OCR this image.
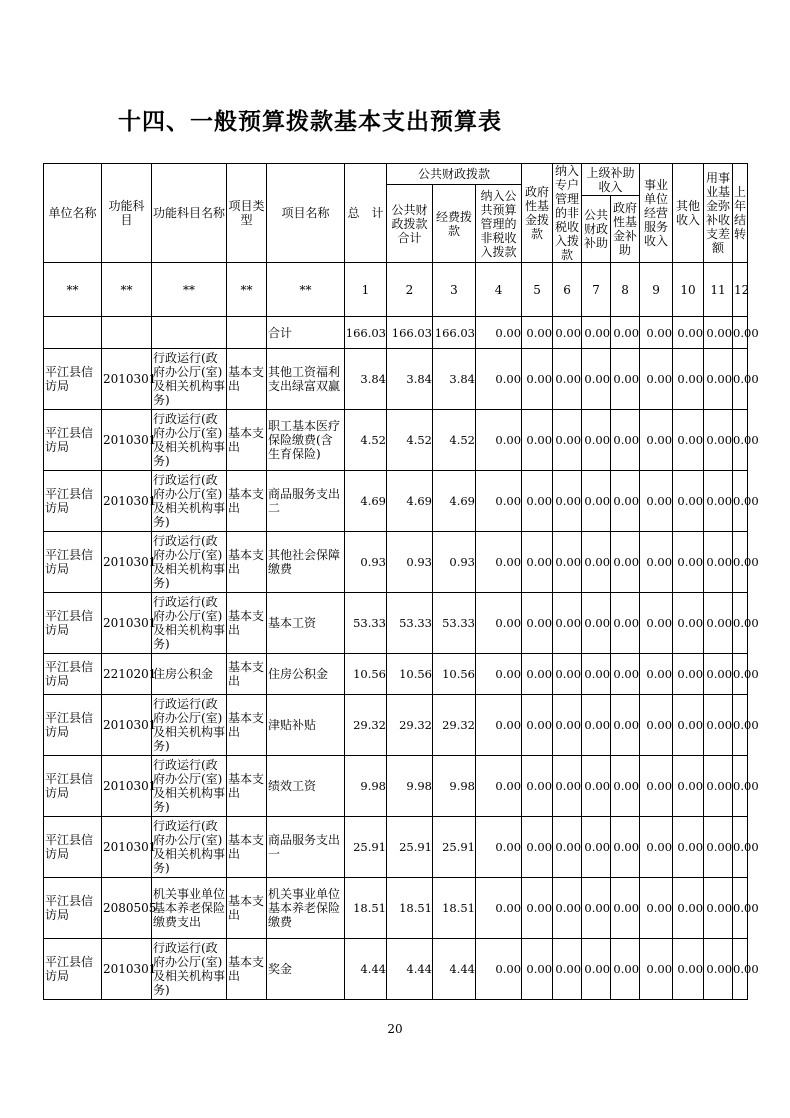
十四、一般预算拨款基本支出预算表
单位名称	功能科目	功能科目名称	项目类型	项目名称	总　计	公共财政拨款			政府性基金拨款	纳入专户管理的非税收入拨款	上级补助收入		事业单位经营服务收入	其他收入	用事业基金弥补收支差额	上年结转
						公共财政拨款合计	经费拨款	纳入公共预算管理的非税收入拨款								
											公共财政补助	政府性基金补助				
**	**	**	**	**	1	2	3	4	5	6	7	8	9	10	11	12
				合计	166.03	166.03	166.03	0.00	0.00	0.00	0.00	0.00	0.00	0.00	0.00	0.00
平江县信访局	2010301	行政运行(政府办公厅(室)及相关机构事务)	基本支出	其他工资福利支出绿富双赢	3.84	3.84	3.84	0.00	0.00	0.00	0.00	0.00	0.00	0.00	0.00	0.00
平江县信访局	2010301	行政运行(政府办公厅(室)及相关机构事务)	基本支出	职工基本医疗保险缴费(含生育保险)	4.52	4.52	4.52	0.00	0.00	0.00	0.00	0.00	0.00	0.00	0.00	0.00
平江县信访局	2010301	行政运行(政府办公厅(室)及相关机构事务)	基本支出	商品服务支出二	4.69	4.69	4.69	0.00	0.00	0.00	0.00	0.00	0.00	0.00	0.00	0.00
平江县信访局	2010301	行政运行(政府办公厅(室)及相关机构事务)	基本支出	其他社会保障缴费	0.93	0.93	0.93	0.00	0.00	0.00	0.00	0.00	0.00	0.00	0.00	0.00
平江县信访局	2010301	行政运行(政府办公厅(室)及相关机构事务)	基本支出	基本工资	53.33	53.33	53.33	0.00	0.00	0.00	0.00	0.00	0.00	0.00	0.00	0.00
平江县信访局	2210201	住房公积金	基本支出	住房公积金	10.56	10.56	10.56	0.00	0.00	0.00	0.00	0.00	0.00	0.00	0.00	0.00
平江县信访局	2010301	行政运行(政府办公厅(室)及相关机构事务)	基本支出	津贴补贴	29.32	29.32	29.32	0.00	0.00	0.00	0.00	0.00	0.00	0.00	0.00	0.00
平江县信访局	2010301	行政运行(政府办公厅(室)及相关机构事务)	基本支出	绩效工资	9.98	9.98	9.98	0.00	0.00	0.00	0.00	0.00	0.00	0.00	0.00	0.00
平江县信访局	2010301	行政运行(政府办公厅(室)及相关机构事务)	基本支出	商品服务支出一	25.91	25.91	25.91	0.00	0.00	0.00	0.00	0.00	0.00	0.00	0.00	0.00
平江县信访局	2080505	机关事业单位基本养老保险缴费支出	基本支出	机关事业单位基本养老保险缴费	18.51	18.51	18.51	0.00	0.00	0.00	0.00	0.00	0.00	0.00	0.00	0.00
平江县信访局	2010301	行政运行(政府办公厅(室)及相关机构事务)	基本支出	奖金	4.44	4.44	4.44	0.00	0.00	0.00	0.00	0.00	0.00	0.00	0.00	0.00
20
